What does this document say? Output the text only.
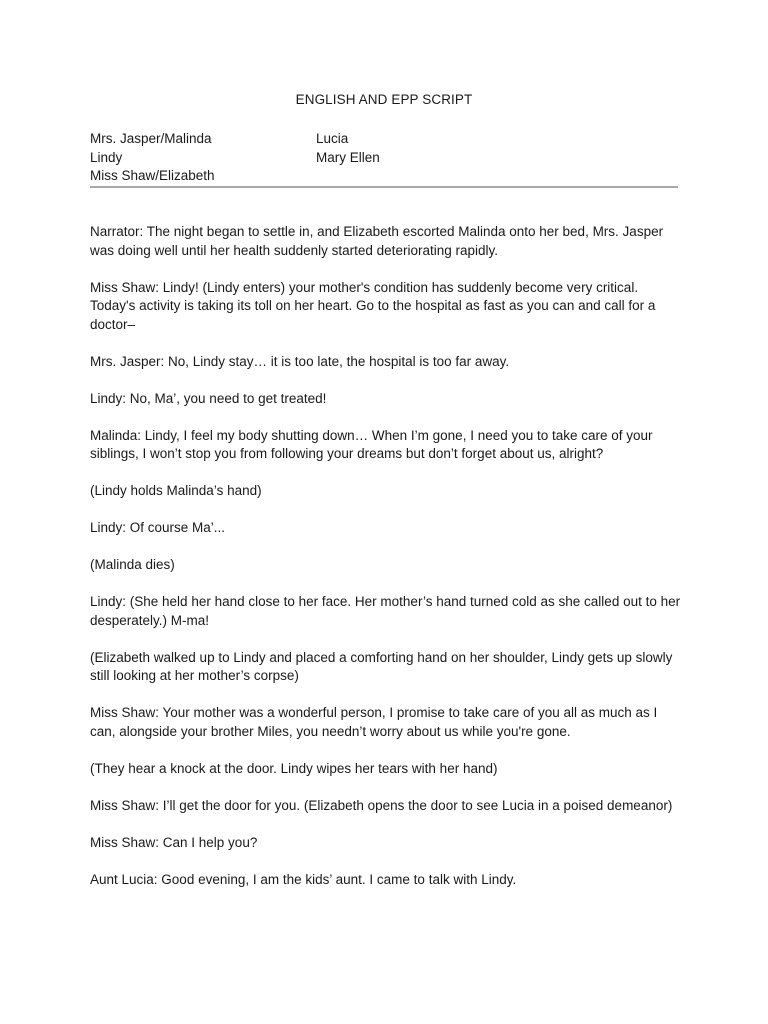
ENGLISH AND EPP SCRIPT
Mrs. Jasper/Malinda
Lindy
Miss Shaw/Elizabeth
Lucia
Mary Ellen

Narrator: The night began to settle in, and Elizabeth escorted Malinda onto her bed, Mrs. Jasper was doing well until her health suddenly started deteriorating rapidly.

Miss Shaw: Lindy! (Lindy enters) your mother's condition has suddenly become very critical. Today's activity is taking its toll on her heart. Go to the hospital as fast as you can and call for a doctor–

Mrs. Jasper: No, Lindy stay… it is too late, the hospital is too far away.

Lindy: No, Ma’, you need to get treated!

Malinda: Lindy, I feel my body shutting down… When I’m gone, I need you to take care of your siblings, I won’t stop you from following your dreams but don’t forget about us, alright?

(Lindy holds Malinda’s hand)

Lindy: Of course Ma’...

(Malinda dies)

Lindy: (She held her hand close to her face. Her mother’s hand turned cold as she called out to her desperately.) M-ma!

(Elizabeth walked up to Lindy and placed a comforting hand on her shoulder, Lindy gets up slowly still looking at her mother’s corpse)

Miss Shaw: Your mother was a wonderful person, I promise to take care of you all as much as I can, alongside your brother Miles, you needn’t worry about us while you're gone.

(They hear a knock at the door. Lindy wipes her tears with her hand)

Miss Shaw: I’ll get the door for you. (Elizabeth opens the door to see Lucia in a poised demeanor)

Miss Shaw: Can I help you?

Aunt Lucia: Good evening, I am the kids’ aunt. I came to talk with Lindy.
